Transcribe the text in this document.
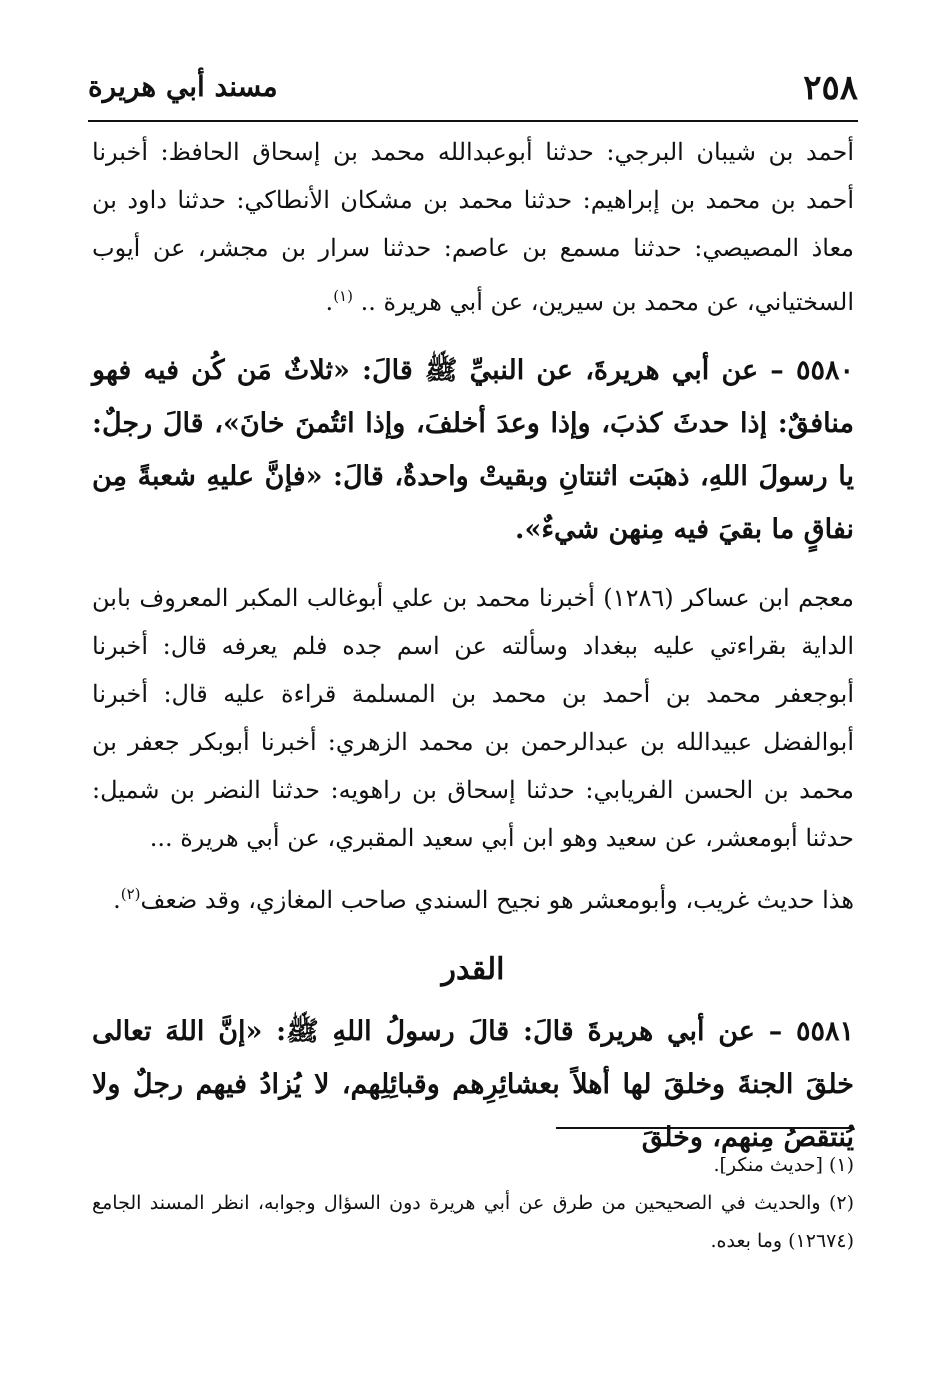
٢٥٨
مسند أبي هريرة

أحمد بن شيبان البرجي: حدثنا أبوعبدالله محمد بن إسحاق الحافظ: أخبرنا أحمد بن محمد بن إبراهيم: حدثنا محمد بن مشكان الأنطاكي: حدثنا داود بن معاذ المصيصي: حدثنا مسمع بن عاصم: حدثنا سرار بن مجشر، عن أيوب السختياني، عن محمد بن سيرين، عن أبي هريرة .. $^{(١)}$.

٥٥٨٠ – عن أبي هريرةَ، عن النبيِّ ﷺ قالَ: «ثلاثٌ مَن كُن فيه فهو منافقٌ: إذا حدثَ كذبَ، وإذا وعدَ أخلفَ، وإذا ائتُمنَ خانَ»، قالَ رجلٌ: يا رسولَ اللهِ، ذهبَت اثنتانِ وبقيتْ واحدةٌ، قالَ: «فإنَّ عليهِ شعبةً مِن نفاقٍ ما بقيَ فيه مِنهن شيءٌ».

معجم ابن عساكر (١٢٨٦) أخبرنا محمد بن علي أبوغالب المكبر المعروف بابن الداية بقراءتي عليه ببغداد وسألته عن اسم جده فلم يعرفه قال: أخبرنا أبوجعفر محمد بن أحمد بن محمد بن المسلمة قراءة عليه قال: أخبرنا أبوالفضل عبيدالله بن عبدالرحمن بن محمد الزهري: أخبرنا أبوبكر جعفر بن محمد بن الحسن الفريابي: حدثنا إسحاق بن راهويه: حدثنا النضر بن شميل: حدثنا أبومعشر، عن سعيد وهو ابن أبي سعيد المقبري، عن أبي هريرة ...

هذا حديث غريب، وأبومعشر هو نجيح السندي صاحب المغازي، وقد ضعف$^{(٢)}$.

القدر

٥٥٨١ – عن أبي هريرةَ قالَ: قالَ رسولُ اللهِ ﷺ: «إنَّ اللهَ تعالى خلقَ الجنةَ وخلقَ لها أهلاً بعشائِرِهم وقبائِلِهم، لا يُزادُ فيهم رجلٌ ولا يُنتقصُ مِنهم، وخلقَ

(١) [حديث منكر].

(٢) والحديث في الصحيحين من طرق عن أبي هريرة دون السؤال وجوابه، انظر المسند الجامع (١٢٦٧٤) وما بعده.
